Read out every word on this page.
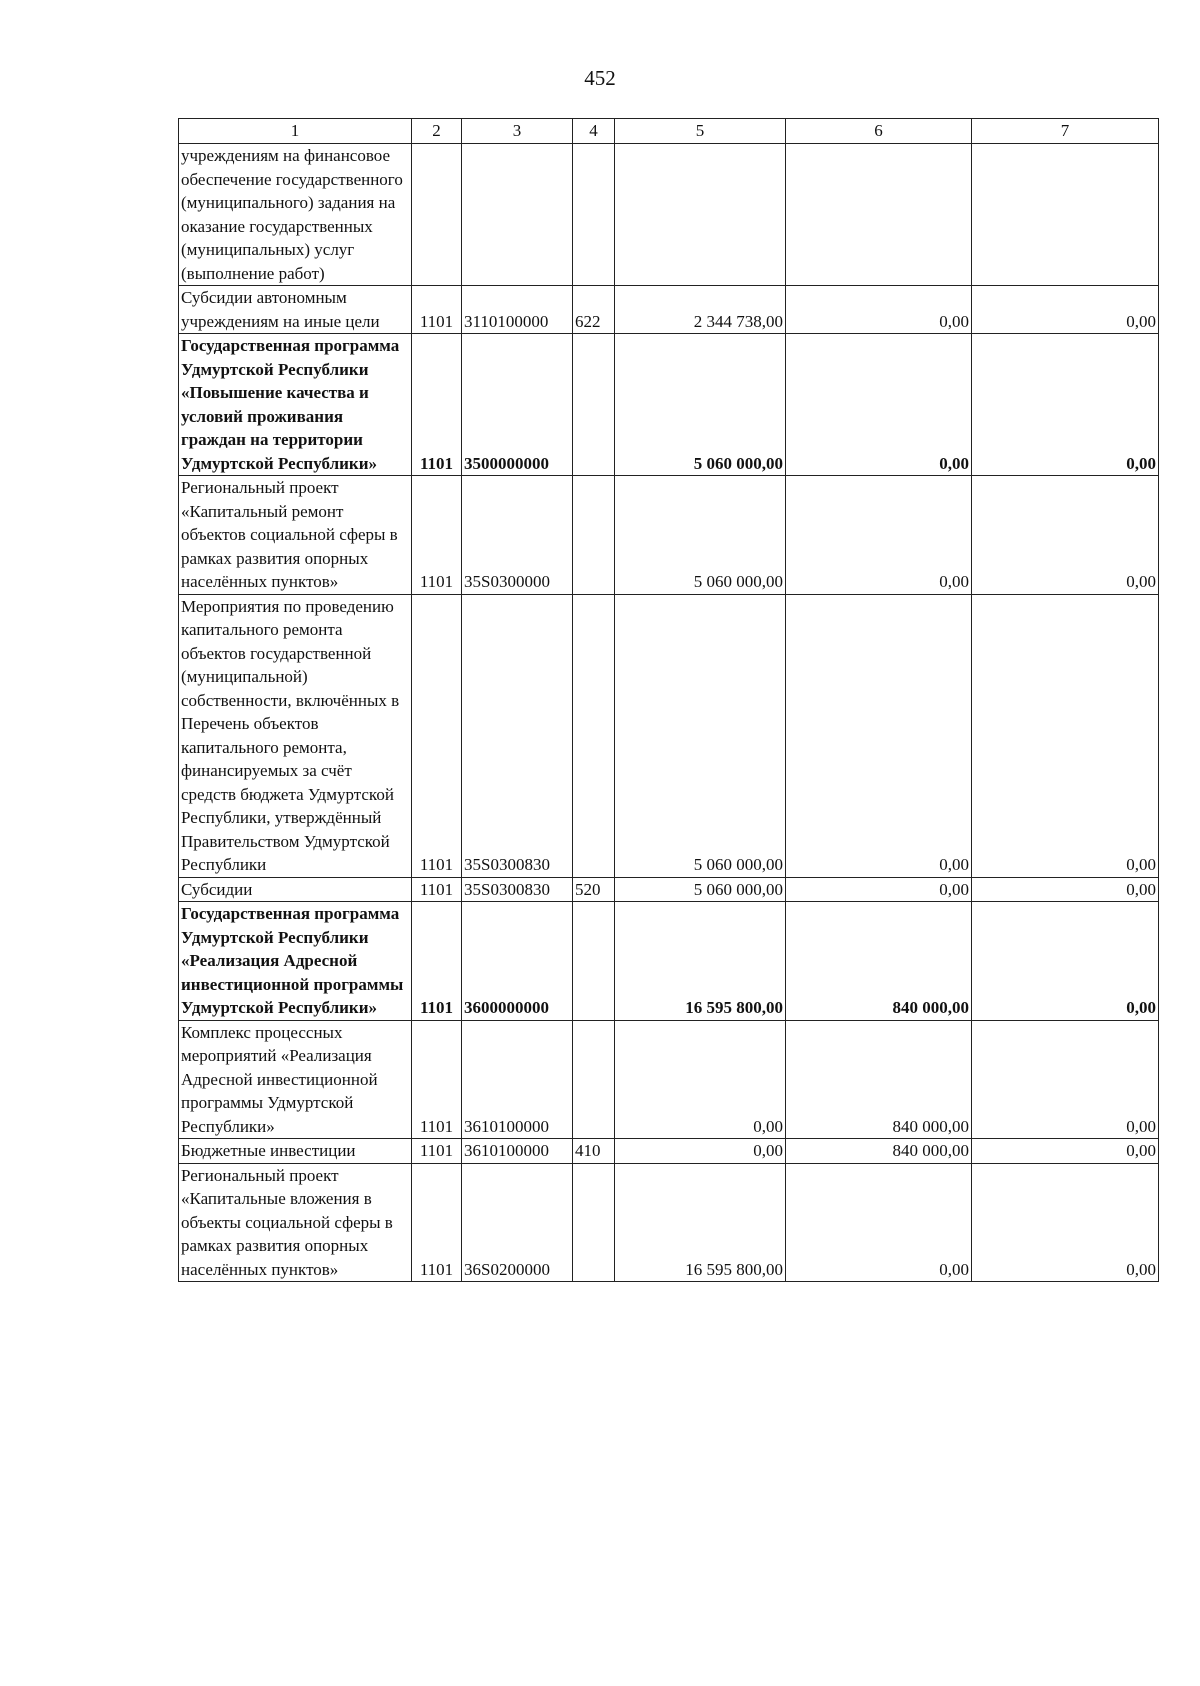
452
1	2	3	4	5	6	7
учреждениям на финансовое обеспечение государственного (муниципального) задания на оказание государственных (муниципальных) услуг (выполнение работ)						
Субсидии автономным учреждениям на иные цели	1101	3110100000	622	2 344 738,00	0,00	0,00
Государственная программа Удмуртской Республики «Повышение качества и условий проживания граждан на территории Удмуртской Республики»	1101	3500000000		5 060 000,00	0,00	0,00
Региональный проект «Капитальный ремонт объектов социальной сферы в рамках развития опорных населённых пунктов»	1101	35S0300000		5 060 000,00	0,00	0,00
Мероприятия по проведению капитального ремонта объектов государственной (муниципальной) собственности, включённых в Перечень объектов капитального ремонта, финансируемых за счёт средств бюджета Удмуртской Республики, утверждённый Правительством Удмуртской Республики	1101	35S0300830		5 060 000,00	0,00	0,00
Субсидии	1101	35S0300830	520	5 060 000,00	0,00	0,00
Государственная программа Удмуртской Республики «Реализация Адресной инвестиционной программы Удмуртской Республики»	1101	3600000000		16 595 800,00	840 000,00	0,00
Комплекс процессных мероприятий «Реализация Адресной инвестиционной программы Удмуртской Республики»	1101	3610100000		0,00	840 000,00	0,00
Бюджетные инвестиции	1101	3610100000	410	0,00	840 000,00	0,00
Региональный проект «Капитальные вложения в объекты социальной сферы в рамках развития опорных населённых пунктов»	1101	36S0200000		16 595 800,00	0,00	0,00
